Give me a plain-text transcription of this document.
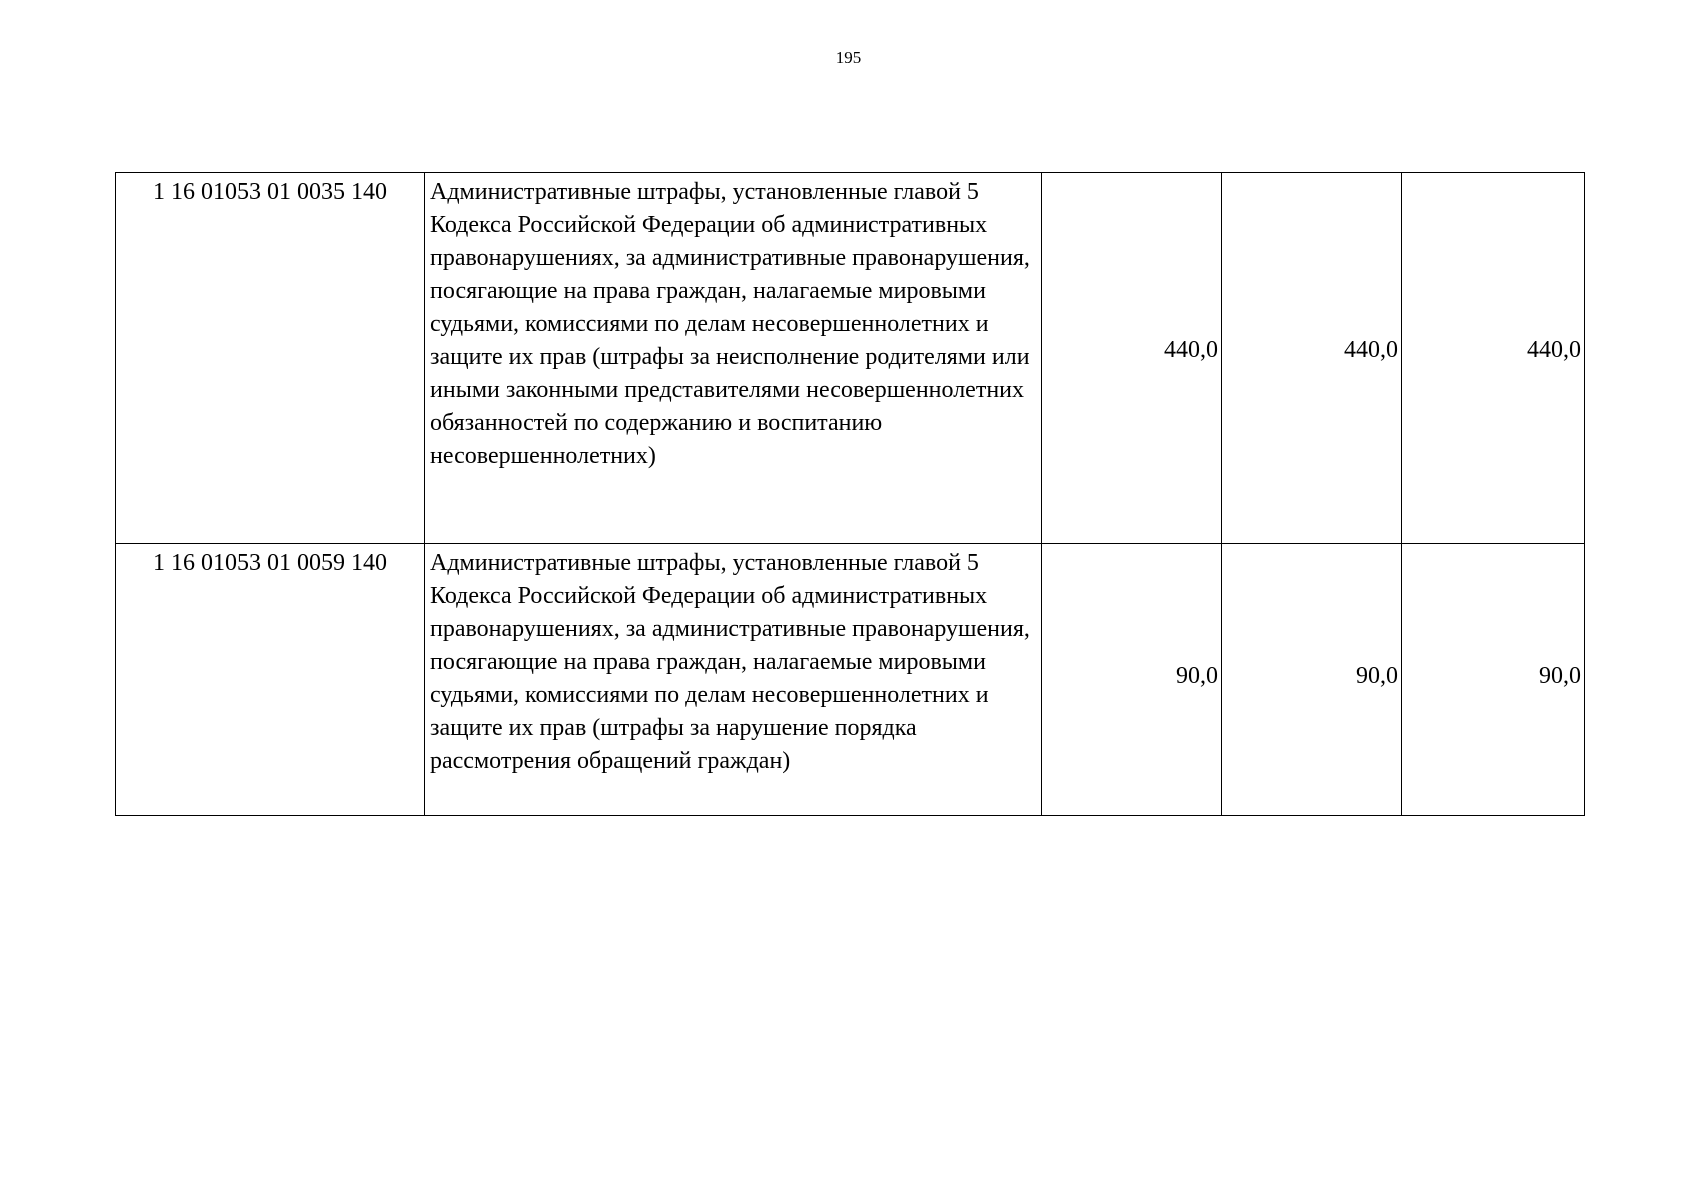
195
1 16 01053 01 0035 140	Административные штрафы, установленные главой 5 Кодекса Российской Федерации об административных правонарушениях, за административные правонарушения, посягающие на права граждан, налагаемые мировыми судьями, комиссиями по делам несовершеннолетних и защите их прав (штрафы за неисполнение родителями или иными законными представителями несовершеннолетних обязанностей по содержанию и воспитанию несовершеннолетних)	440,0	440,0	440,0
1 16 01053 01 0059 140	Административные штрафы, установленные главой 5 Кодекса Российской Федерации об административных правонарушениях, за административные правонарушения, посягающие на права граждан, налагаемые мировыми судьями, комиссиями по делам несовершеннолетних и защите их прав (штрафы за нарушение порядка рассмотрения обращений граждан)	90,0	90,0	90,0
